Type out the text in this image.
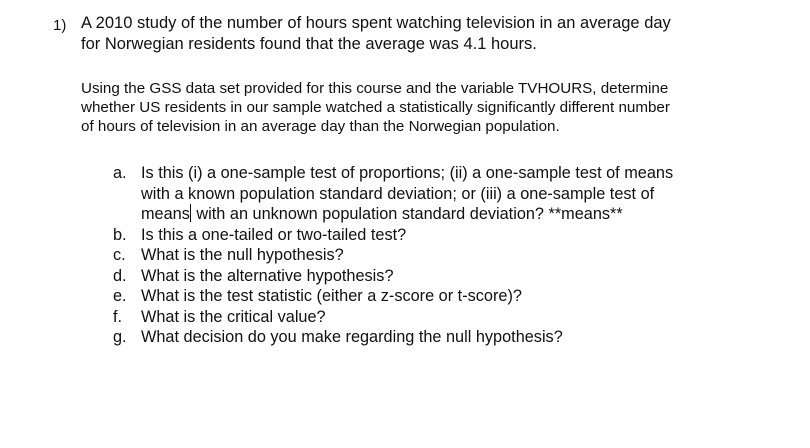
1) A 2010 study of the number of hours spent watching television in an average day
for Norwegian residents found that the average was 4.1 hours.
Using the GSS data set provided for this course and the variable TVHOURS, determine
whether US residents in our sample watched a statistically significantly different number
of hours of television in an average day than the Norwegian population.
a. Is this (i) a one-sample test of proportions; (ii) a one-sample test of means
with a known population standard deviation; or (iii) a one-sample test of
means with an unknown population standard deviation? **means**
b. Is this a one-tailed or two-tailed test?
c. What is the null hypothesis?
d. What is the alternative hypothesis?
e. What is the test statistic (either a z-score or t-score)?
f.	What is the critical value?
g. What decision do you make regarding the null hypothesis?
